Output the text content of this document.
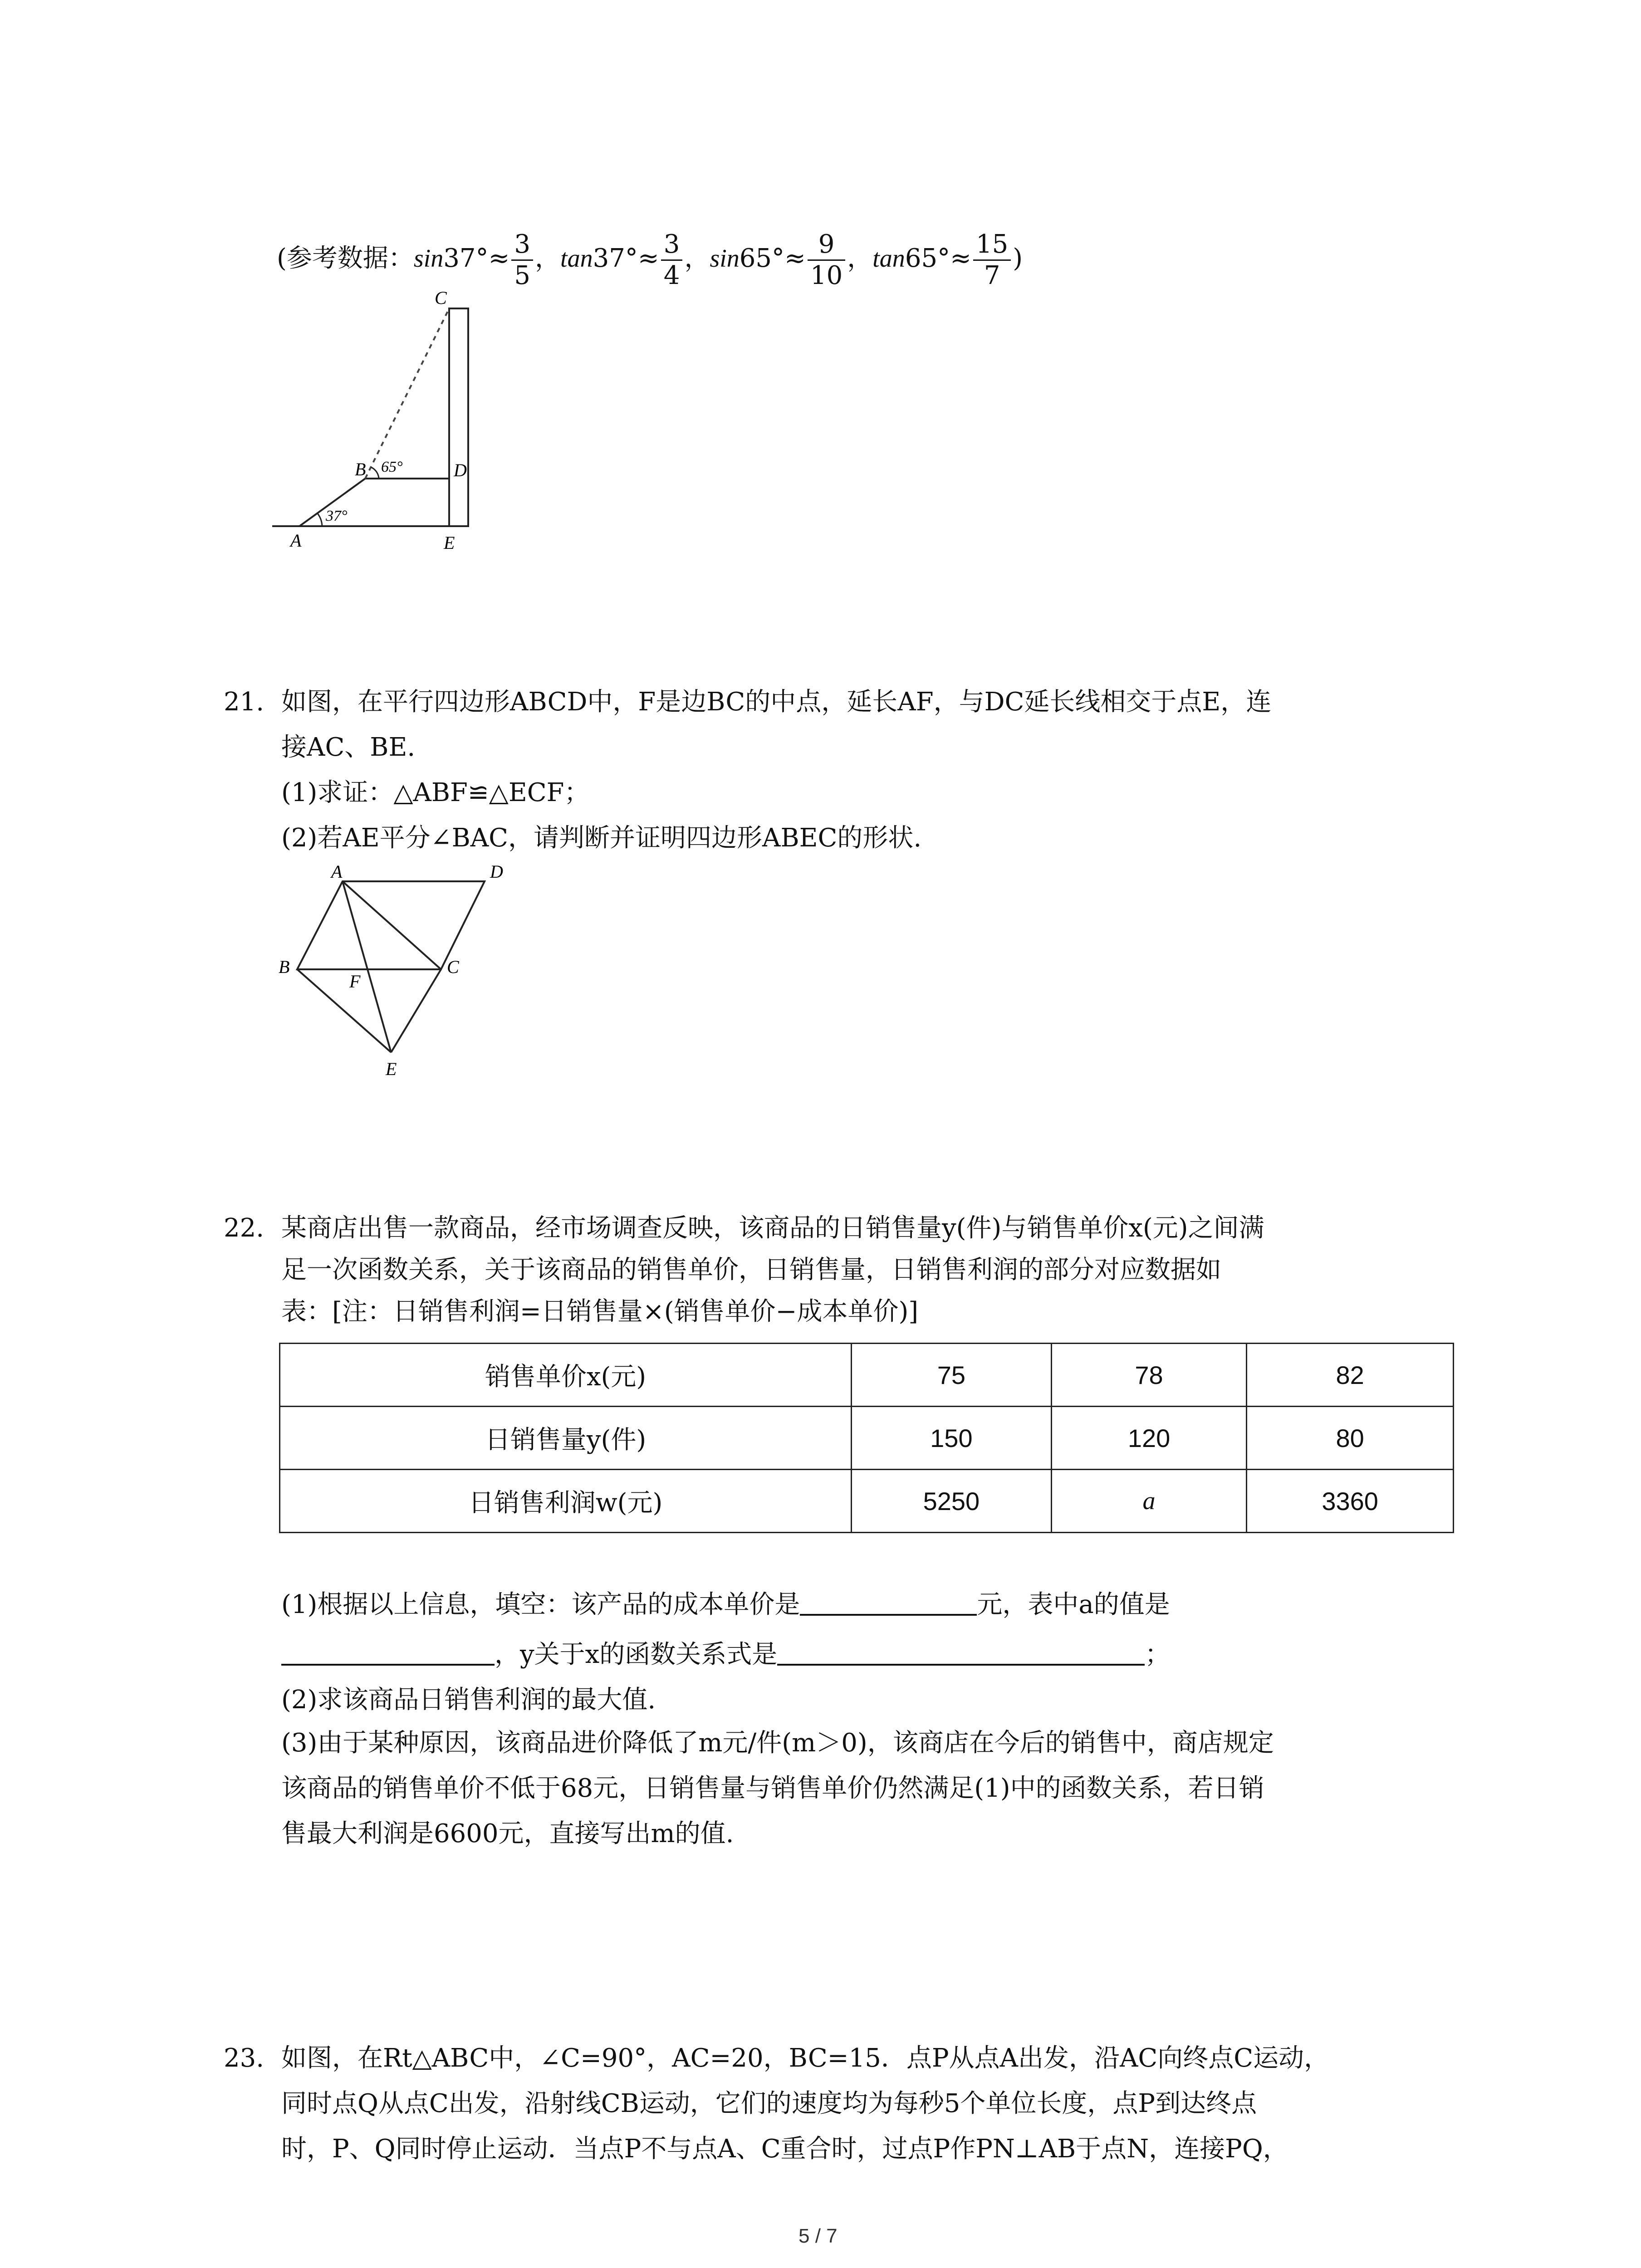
(参考数据：$\sin 37^\circ\approx \frac{3}{5}$ ，$\tan 37^\circ\approx \frac{3}{4}$ ，$\sin 65^\circ\approx \frac{9}{10}$ ，$\tan 65^\circ\approx \frac{15}{7}$ )
C
B	D
A	E
65°
37°
21. 如图，在平行四边形ABCD中，F是边BC的中点，延长AF，与DC延长线相交于点E，连
接AC、BE.
(1)求证：△ABF≌△ECF；
(2)若AE平分∠BAC，请判断并证明四边形ABEC的形状.
A	D
B
F
C
E
22. 某商店出售一款商品，经市场调查反映，该商品的日销售量y(件)与销售单价x(元)之间满
足一次函数关系，关于该商品的销售单价，日销售量，日销售利润的部分对应数据如
表：[注：日销售利润=日销售量×(销售单价−成本单价)]
销售单价x(元)	75	78	82
日销售量y(件)	150	120	80
日销售利润w(元)	5250	a	3360
(1)根据以上信息，填空：该产品的成本单价是	元，表中a的值是
，y关于x的函数关系式是	；
(2)求该商品日销售利润的最大值.
(3)由于某种原因，该商品进价降低了m元/件(m＞0)，该商店在今后的销售中，商店规定
该商品的销售单价不低于68元，日销售量与销售单价仍然满足(1)中的函数关系，若日销
售最大利润是6600元，直接写出m的值.
23. 如图，在Rt△ABC中，∠C=90°，AC=20，BC=15．点P从点A出发，沿AC向终点C运动，
同时点Q从点C出发，沿射线CB运动，它们的速度均为每秒5个单位长度，点P到达终点
时，P、Q同时停止运动．当点P不与点A、C重合时，过点P作PN⊥AB于点N，连接PQ，
5 / 7
